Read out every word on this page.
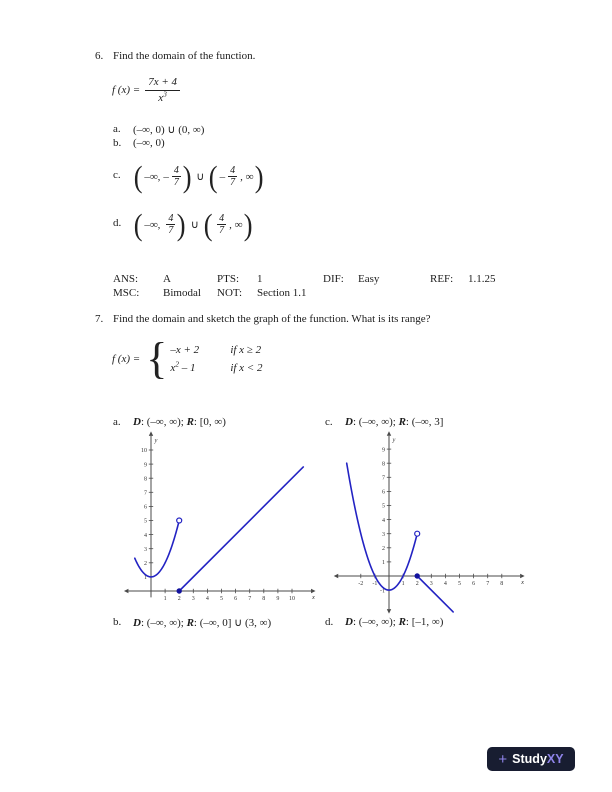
6. Find the domain of the function.
f $(x) = \frac{7x + 4}{x^3}$
a.	(–∞, 0) ∪ (0, ∞)
b.	(–∞, 0)
c. ( –∞, – $\frac{4}{7}$ ) ∪ ( – $\frac{4}{7}$ , ∞ )
d. ( –∞, $\frac{4}{7}$ ) ∪ ( $\frac{4}{7}$ , ∞ )
ANS:	A	PTS:	1	DIF:	Easy	REF:	1.1.25
MSC:	Bimodal NOT:	Section 1.1
7. Find the domain and sketch the graph of the function. What is its range?
f (x) = { –x + 2	if x ≥ 2
$x^2 - 1$	if x < 2
a.	D: (–∞, ∞); R: [0, ∞)	c.	D: (–∞, ∞); R: (–∞, 3]
1 2 3 4 5 6 7 8 9 10
1
2
3
4
5
6
7
8
9
10
x
y
-2 -1	1 2 3 4 5 6 7 8
-1
1
2
3
4
5
6
7
8
9
x
y
b.	D: (–∞, ∞); R: (–∞, 0] ∪ (3, ∞)	d.	D: (–∞, ∞); R: [–1, ∞)
+ Study XY
